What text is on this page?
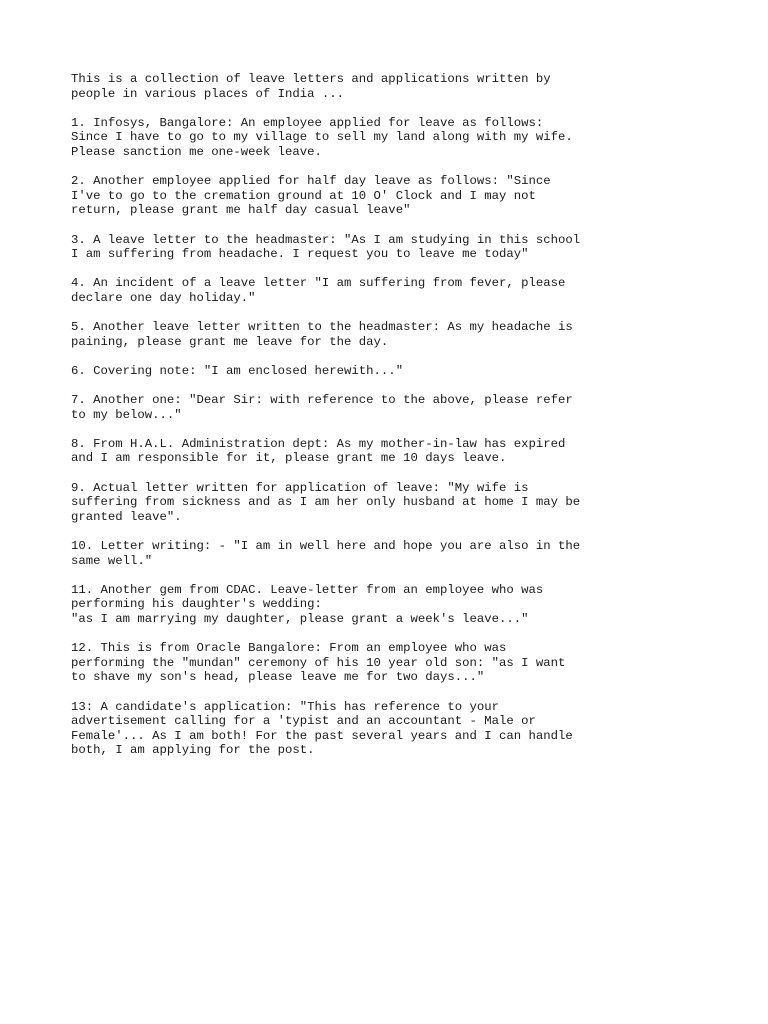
This is a collection of leave letters and applications written by
people in various places of India ...

1. Infosys, Bangalore: An employee applied for leave as follows:
Since I have to go to my village to sell my land along with my wife.
Please sanction me one-week leave.

2. Another employee applied for half day leave as follows: "Since
I've to go to the cremation ground at 10 O' Clock and I may not
return, please grant me half day casual leave"

3. A leave letter to the headmaster: "As I am studying in this school
I am suffering from headache. I request you to leave me today"

4. An incident of a leave letter "I am suffering from fever, please
declare one day holiday."

5. Another leave letter written to the headmaster: As my headache is
paining, please grant me leave for the day.

6. Covering note: "I am enclosed herewith..."

7. Another one: "Dear Sir: with reference to the above, please refer
to my below..."

8. From H.A.L. Administration dept: As my mother-in-law has expired
and I am responsible for it, please grant me 10 days leave.

9. Actual letter written for application of leave: "My wife is
suffering from sickness and as I am her only husband at home I may be
granted leave".

10. Letter writing: - "I am in well here and hope you are also in the
same well."

11. Another gem from CDAC. Leave-letter from an employee who was
performing his daughter's wedding:
"as I am marrying my daughter, please grant a week's leave..."

12. This is from Oracle Bangalore: From an employee who was
performing the "mundan" ceremony of his 10 year old son: "as I want
to shave my son's head, please leave me for two days..."

13: A candidate's application: "This has reference to your
advertisement calling for a 'typist and an accountant - Male or
Female'... As I am both! For the past several years and I can handle
both, I am applying for the post.
